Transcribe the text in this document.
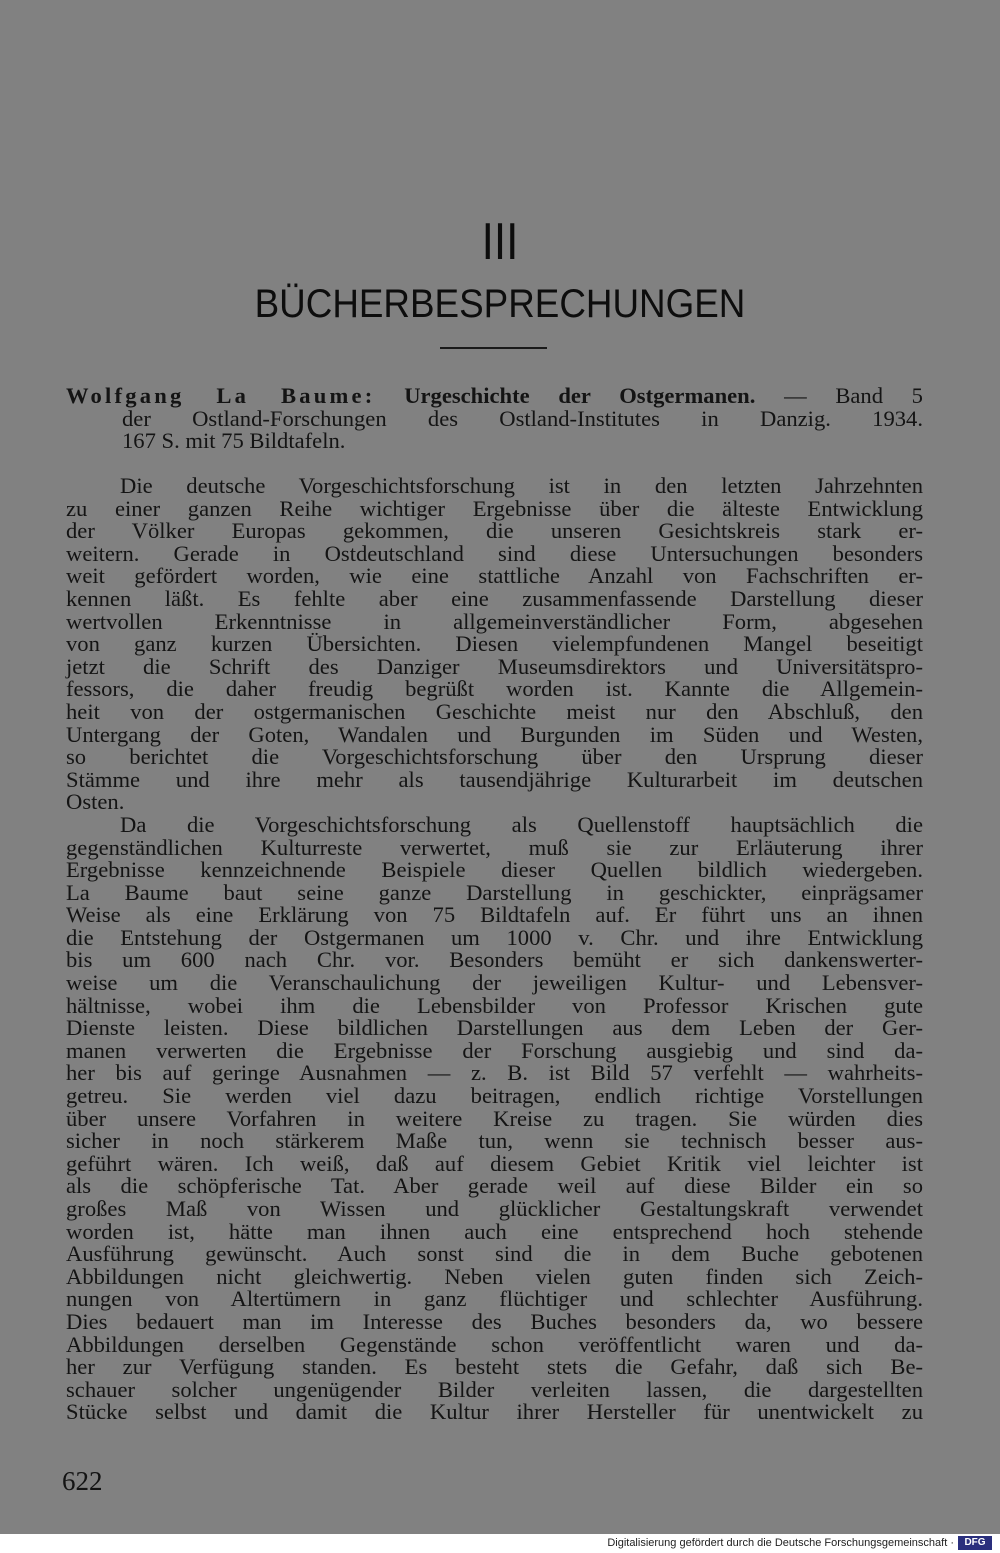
III
BÜCHERBESPRECHUNGEN
Wolfgang La Baume: Urgeschichte der Ostgermanen. — Band 5
der Ostland-Forschungen des Ostland-Institutes in Danzig. 1934.
167 S. mit 75 Bildtafeln.
Die deutsche Vorgeschichtsforschung ist in den letzten Jahrzehnten
zu einer ganzen Reihe wichtiger Ergebnisse über die älteste Entwicklung
der Völker Europas gekommen, die unseren Gesichtskreis stark er-
weitern. Gerade in Ostdeutschland sind diese Untersuchungen besonders
weit gefördert worden, wie eine stattliche Anzahl von Fachschriften er-
kennen läßt. Es fehlte aber eine zusammenfassende Darstellung dieser
wertvollen Erkenntnisse in allgemeinverständlicher Form, abgesehen
von ganz kurzen Übersichten. Diesen vielempfundenen Mangel beseitigt
jetzt die Schrift des Danziger Museumsdirektors und Universitätspro-
fessors, die daher freudig begrüßt worden ist. Kannte die Allgemein-
heit von der ostgermanischen Geschichte meist nur den Abschluß, den
Untergang der Goten, Wandalen und Burgunden im Süden und Westen,
so berichtet die Vorgeschichtsforschung über den Ursprung dieser
Stämme und ihre mehr als tausendjährige Kulturarbeit im deutschen
Osten.
Da die Vorgeschichtsforschung als Quellenstoff hauptsächlich die
gegenständlichen Kulturreste verwertet, muß sie zur Erläuterung ihrer
Ergebnisse kennzeichnende Beispiele dieser Quellen bildlich wiedergeben.
La Baume baut seine ganze Darstellung in geschickter, einprägsamer
Weise als eine Erklärung von 75 Bildtafeln auf. Er führt uns an ihnen
die Entstehung der Ostgermanen um 1000 v. Chr. und ihre Entwicklung
bis um 600 nach Chr. vor. Besonders bemüht er sich dankenswerter-
weise um die Veranschaulichung der jeweiligen Kultur- und Lebensver-
hältnisse, wobei ihm die Lebensbilder von Professor Krischen gute
Dienste leisten. Diese bildlichen Darstellungen aus dem Leben der Ger-
manen verwerten die Ergebnisse der Forschung ausgiebig und sind da-
her bis auf geringe Ausnahmen — z. B. ist Bild 57 verfehlt — wahrheits-
getreu. Sie werden viel dazu beitragen, endlich richtige Vorstellungen
über unsere Vorfahren in weitere Kreise zu tragen. Sie würden dies
sicher in noch stärkerem Maße tun, wenn sie technisch besser aus-
geführt wären. Ich weiß, daß auf diesem Gebiet Kritik viel leichter ist
als die schöpferische Tat. Aber gerade weil auf diese Bilder ein so
großes Maß von Wissen und glücklicher Gestaltungskraft verwendet
worden ist, hätte man ihnen auch eine entsprechend hoch stehende
Ausführung gewünscht. Auch sonst sind die in dem Buche gebotenen
Abbildungen nicht gleichwertig. Neben vielen guten finden sich Zeich-
nungen von Altertümern in ganz flüchtiger und schlechter Ausführung.
Dies bedauert man im Interesse des Buches besonders da, wo bessere
Abbildungen derselben Gegenstände schon veröffentlicht waren und da-
her zur Verfügung standen. Es besteht stets die Gefahr, daß sich Be-
schauer solcher ungenügender Bilder verleiten lassen, die dargestellten
Stücke selbst und damit die Kultur ihrer Hersteller für unentwickelt zu
622
Digitalisierung gefördert durch die Deutsche Forschungsgemeinschaft ·	DFG
